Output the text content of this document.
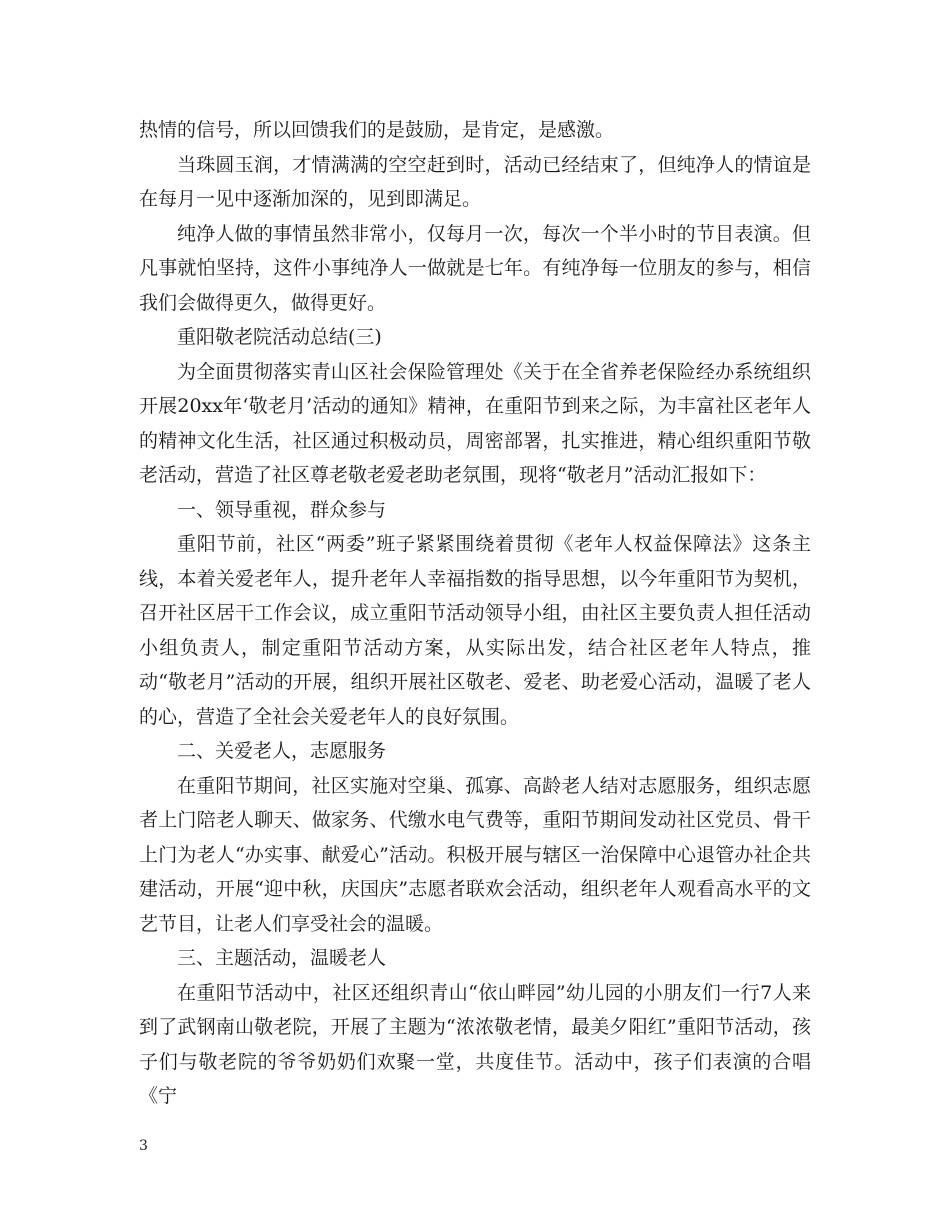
热情的信号，所以回馈我们的是鼓励，是肯定，是感激。

当珠圆玉润，才情满满的空空赶到时，活动已经结束了，但纯净人的情谊是在每月一见中逐渐加深的，见到即满足。

纯净人做的事情虽然非常小，仅每月一次，每次一个半小时的节目表演。但凡事就怕坚持，这件小事纯净人一做就是七年。有纯净每一位朋友的参与，相信我们会做得更久，做得更好。

重阳敬老院活动总结(三)

为全面贯彻落实青山区社会保险管理处《关于在全省养老保险经办系统组织开展20xx年‘敬老月’活动的通知》精神，在重阳节到来之际，为丰富社区老年人的精神文化生活，社区通过积极动员，周密部署，扎实推进，精心组织重阳节敬老活动，营造了社区尊老敬老爱老助老氛围，现将“敬老月”活动汇报如下：

一、领导重视，群众参与

重阳节前，社区“两委”班子紧紧围绕着贯彻《老年人权益保障法》这条主线，本着关爱老年人，提升老年人幸福指数的指导思想，以今年重阳节为契机，召开社区居干工作会议，成立重阳节活动领导小组，由社区主要负责人担任活动小组负责人，制定重阳节活动方案，从实际出发，结合社区老年人特点，推动“敬老月”活动的开展，组织开展社区敬老、爱老、助老爱心活动，温暖了老人的心，营造了全社会关爱老年人的良好氛围。

二、关爱老人，志愿服务

在重阳节期间，社区实施对空巢、孤寡、高龄老人结对志愿服务，组织志愿者上门陪老人聊天、做家务、代缴水电气费等，重阳节期间发动社区党员、骨干上门为老人“办实事、献爱心”活动。积极开展与辖区一治保障中心退管办社企共建活动，开展“迎中秋，庆国庆”志愿者联欢会活动，组织老年人观看高水平的文艺节目，让老人们享受社会的温暖。

三、主题活动，温暖老人

在重阳节活动中，社区还组织青山“依山畔园”幼儿园的小朋友们一行7人来到了武钢南山敬老院，开展了主题为“浓浓敬老情，最美夕阳红”重阳节活动，孩子们与敬老院的爷爷奶奶们欢聚一堂，共度佳节。活动中，孩子们表演的合唱《宁

3
